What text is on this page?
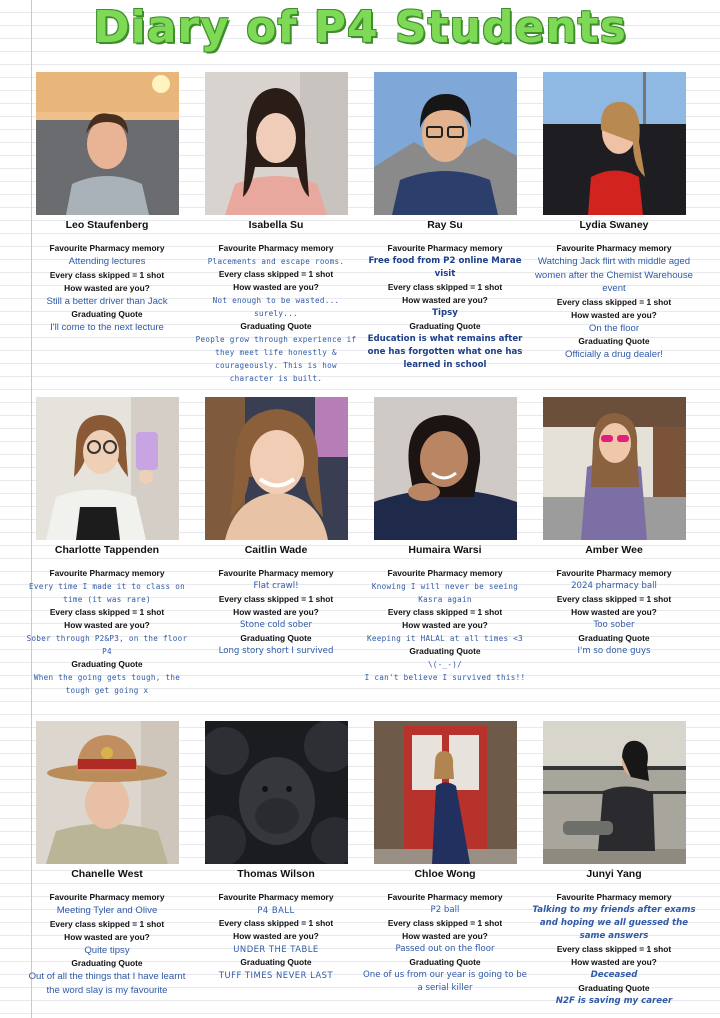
Diary of P4 Students
Leo Staufenberg
Favourite Pharmacy memory
Attending lectures
Every class skipped = 1 shot
How wasted are you?
Still a better driver than Jack
Graduating Quote
I'll come to the next lecture
Isabella Su
Favourite Pharmacy memory
Placements and escape rooms.
Every class skipped = 1 shot
How wasted are you?
Not enough to be wasted... surely...
Graduating Quote
People grow through experience if they meet life honestly & courageously. This is how character is built.
Ray Su
Favourite Pharmacy memory
Free food from P2 online Marae visit
Every class skipped = 1 shot
How wasted are you?
Tipsy
Graduating Quote
Education is what remains after one has forgotten what one has learned in school
Lydia Swaney
Favourite Pharmacy memory
Watching Jack flirt with middle aged women after the Chemist Warehouse event
Every class skipped = 1 shot
How wasted are you?
On the floor
Graduating Quote
Officially a drug dealer!
Charlotte Tappenden
Favourite Pharmacy memory
Every time I made it to class on time (it was rare)
Every class skipped = 1 shot
How wasted are you?
Sober through P2&P3, on the floor P4
Graduating Quote
When the going gets tough, the tough get going x
Caitlin Wade
Favourite Pharmacy memory
Flat crawl!
Every class skipped = 1 shot
How wasted are you?
Stone cold sober
Graduating Quote
Long story short I survived
Humaira Warsi
Favourite Pharmacy memory
Knowing I will never be seeing Kasra again
Every class skipped = 1 shot
How wasted are you?
Keeping it HALAL at all times <3
Graduating Quote
\(-_-)/
I can't believe I survived this!!
Amber Wee
Favourite Pharmacy memory
2024 pharmacy ball
Every class skipped = 1 shot
How wasted are you?
Too sober
Graduating Quote
I'm so done guys
Chanelle West
Favourite Pharmacy memory
Meeting Tyler and Olive
Every class skipped = 1 shot
How wasted are you?
Quite tipsy
Graduating Quote
Out of all the things that I have learnt the word slay is my favourite
Thomas Wilson
Favourite Pharmacy memory
P4 BALL
Every class skipped = 1 shot
How wasted are you?
UNDER THE TABLE
Graduating Quote
TUFF TIMES NEVER LAST
Chloe Wong
Favourite Pharmacy memory
P2 ball
Every class skipped = 1 shot
How wasted are you?
Passed out on the floor
Graduating Quote
One of us from our year is going to be a serial killer
Junyi Yang
Favourite Pharmacy memory
Talking to my friends after exams and hoping we all guessed the same answers
Every class skipped = 1 shot
How wasted are you?
Deceased
Graduating Quote
N2F is saving my career
